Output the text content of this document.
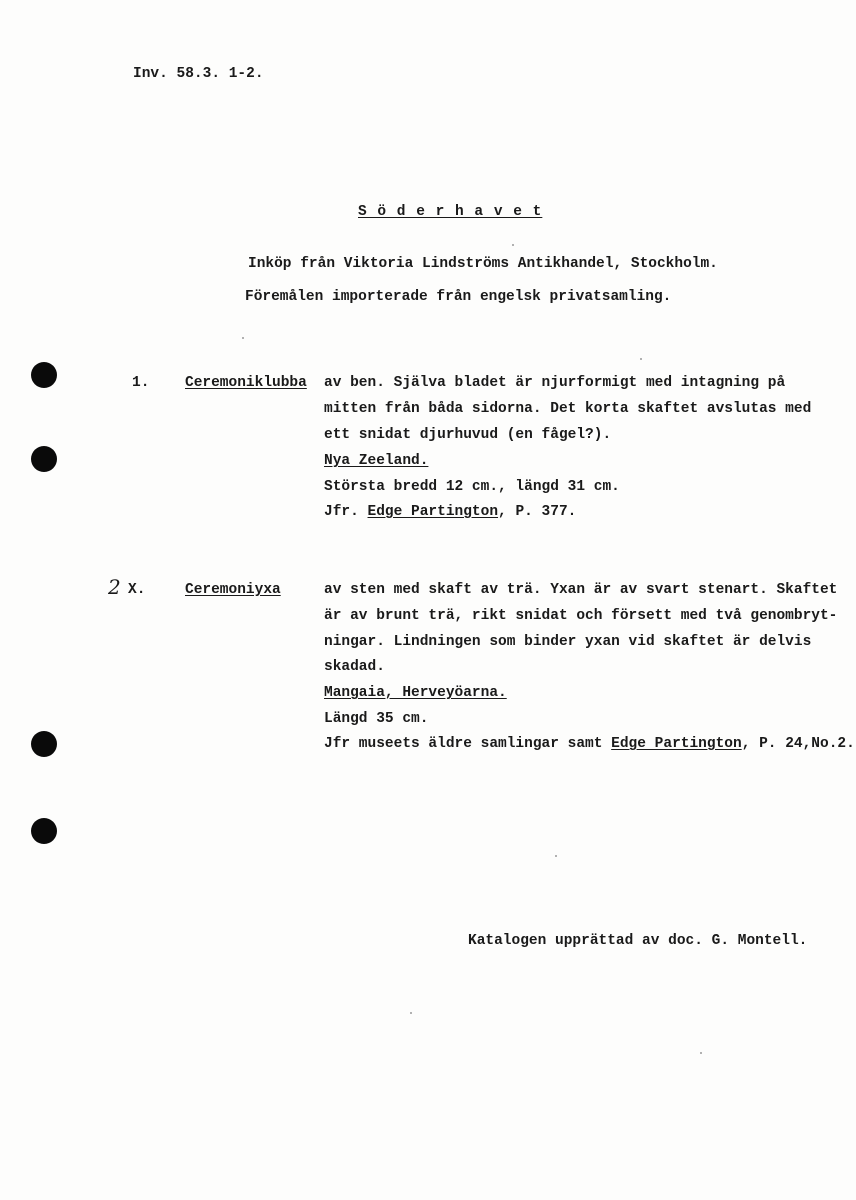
Inv. 58.3. 1-2.
S ö d e r h a v e t
Inköp från Viktoria Lindströms Antikhandel, Stockholm.
Föremålen importerade från engelsk privatsamling.
1. Ceremoniklubba av ben. Själva bladet är njurformigt med intagning på
mitten från båda sidorna. Det korta skaftet avslutas med
ett snidat djurhuvud (en fågel?).
Nya Zeeland.
Största bredd 12 cm., längd 31 cm.
Jfr. Edge Partington, P. 377.
2 X.	Ceremoniyxa	av sten med skaft av trä. Yxan är av svart stenart. Skaftet
är av brunt trä, rikt snidat och försett med två genombryt-
ningar. Lindningen som binder yxan vid skaftet är delvis
skadad.
Mangaia, Herveyöarna.
Längd 35 cm.
Jfr museets äldre samlingar samt Edge Partington, P. 24,No.2.
Katalogen upprättad av doc. G. Montell.
